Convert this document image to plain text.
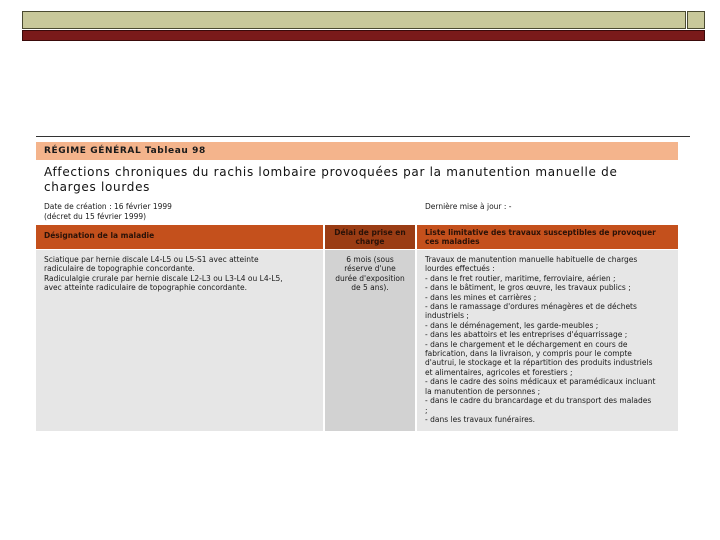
RÉGIME GÉNÉRAL Tableau 98
Affections chroniques du rachis lombaire provoquées par la manutention manuelle de
charges lourdes
Date de création : 16 février 1999
(décret du 15 février 1999)
Dernière mise à jour : -
Désignation de la maladie	Délai de prise en charge
Liste limitative des travaux susceptibles de provoquer ces maladies
Sciatique par hernie discale L4-L5 ou L5-S1 avec atteinte
radiculaire de topographie concordante.
Radiculalgie crurale par hernie discale L2-L3 ou L3-L4 ou L4-L5,
avec atteinte radiculaire de topographie concordante.
6 mois (sous
réserve d'une
durée d'exposition
de 5 ans).
Travaux de manutention manuelle habituelle de charges
lourdes effectués :
- dans le fret routier, maritime, ferroviaire, aérien ;
- dans le bâtiment, le gros œuvre, les travaux publics ;
- dans les mines et carrières ;
- dans le ramassage d'ordures ménagères et de déchets
industriels ;
- dans le déménagement, les garde-meubles ;
- dans les abattoirs et les entreprises d'équarrissage ;
- dans le chargement et le déchargement en cours de
fabrication, dans la livraison, y compris pour le compte
d'autrui, le stockage et la répartition des produits industriels
et alimentaires, agricoles et forestiers ;
- dans le cadre des soins médicaux et paramédicaux incluant
la manutention de personnes ;
- dans le cadre du brancardage et du transport des malades
;
- dans les travaux funéraires.
